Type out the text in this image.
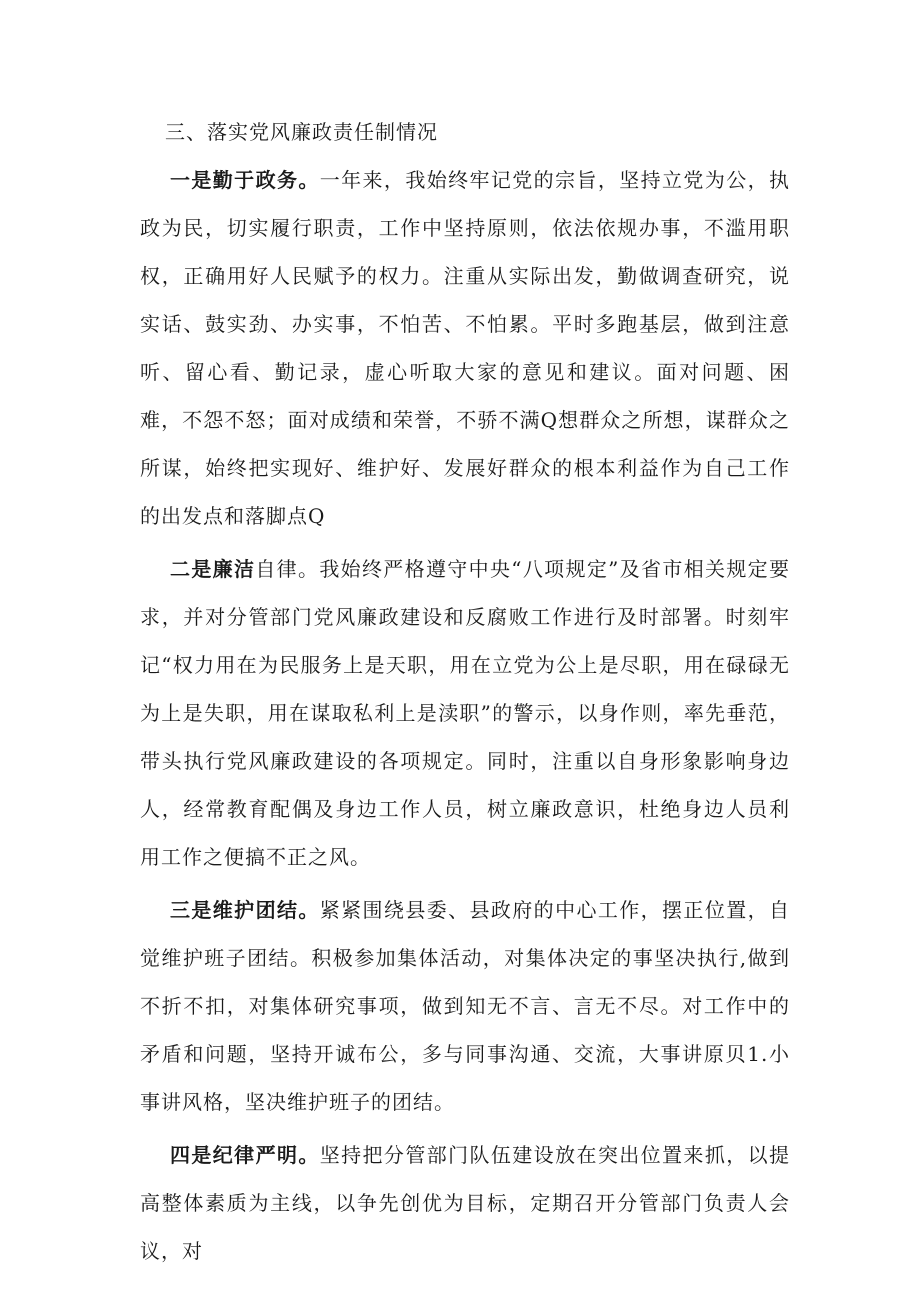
三、落实党风廉政责任制情况

一是勤于政务。一年来，我始终牢记党的宗旨，坚持立党为公，执政为民，切实履行职责，工作中坚持原则，依法依规办事，不滥用职权，正确用好人民赋予的权力。注重从实际出发，勤做调查研究，说实话、鼓实劲、办实事，不怕苦、不怕累。平时多跑基层，做到注意听、留心看、勤记录，虚心听取大家的意见和建议。面对问题、困难，不怨不怒；面对成绩和荣誉，不骄不满Q想群众之所想，谋群众之所谋，始终把实现好、维护好、发展好群众的根本利益作为自己工作的出发点和落脚点Q

二是廉洁自律。我始终严格遵守中央“八项规定”及省市相关规定要求，并对分管部门党风廉政建设和反腐败工作进行及时部署。时刻牢记“权力用在为民服务上是天职，用在立党为公上是尽职，用在碌碌无为上是失职，用在谋取私利上是渎职”的警示，以身作则，率先垂范，带头执行党风廉政建设的各项规定。同时，注重以自身形象影响身边人，经常教育配偶及身边工作人员，树立廉政意识，杜绝身边人员利用工作之便搞不正之风。

三是维护团结。紧紧围绕县委、县政府的中心工作，摆正位置，自觉维护班子团结。积极参加集体活动，对集体决定的事坚决执行,做到不折不扣，对集体研究事项，做到知无不言、言无不尽。对工作中的矛盾和问题，坚持开诚布公，多与同事沟通、交流，大事讲原贝1.小事讲风格，坚决维护班子的团结。

四是纪律严明。坚持把分管部门队伍建设放在突出位置来抓，以提高整体素质为主线，以争先创优为目标，定期召开分管部门负责人会议，对
